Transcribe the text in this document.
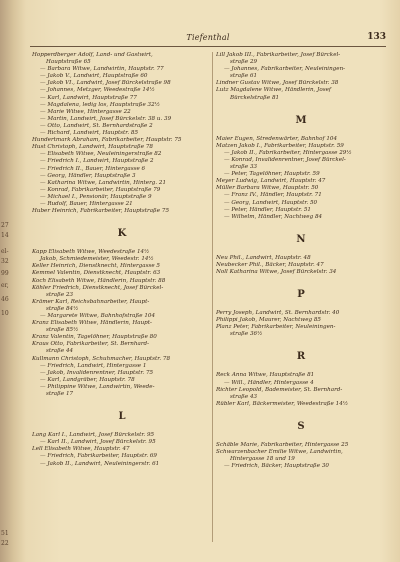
27
14
el-
32
99
er,
46
10
51
22
Tiefenthal	133
Hopperdberger Adolf, Land- und Gastwirt,
Hauptstraße 65
— Barbara Witwe, Landwirtin, Hauptstr. 77
— Jakob V., Landwirt, Hauptstraße 60
— Jakob VI., Landwirt, Josef Bürckelstraße 98
— Johannes, Metzger, Weedestraße 14½
— Karl, Landwirt, Hauptstraße 77
— Magdalena, ledig los, Hauptstraße 32½
— Marie Witwe, Hintergasse 22
— Martin, Landwirt, Josef Bürckelstr. 38 u. 39
— Otto, Landwirt, St. Bernhardstraße 2
— Richard, Landwirt, Hauptstr. 85
Hundertmark Abraham, Fabrikarbeiter, Hauptstr. 75
Hust Christoph, Landwirt, Hauptstraße 78
— Elisabeth Witwe, Neuleiningerstraße 82
— Friedrich I., Landwirt, Hauptstraße 2
— Friedrich II., Bauer, Hintergasse 6
— Georg, Händler, Hauptstraße 3
— Katharina Witwe, Landwirtin, Hinterg. 21
— Konrad, Fabrikarbeiter, Hauptstraße 79
— Michael I., Pensionär, Hauptstraße 9
— Rudolf, Bauer, Hintergasse 21
Huber Heinrich, Fabrikarbeiter, Hauptstraße 75
K
Kapp Elisabeth Witwe, Weedestraße 14½
Jakob, Schmiedemeister, Weedestr. 14½
Keller Heinrich, Dienstknecht, Hintergasse 5
Kemmel Valentin, Dienstknecht, Hauptstr. 63
Koch Elisabeth Witwe, Händlerin, Hauptstr. 88
Köhler Friedrich, Dienstknecht, Josef Bürckel-
straße 23
Krämer Karl, Reichsbahnarbeiter, Haupt-
straße 84½
— Margarete Witwe, Bahnhofstraße 104
Kranz Elisabeth Witwe, Händlerin, Haupt-
straße 85½
Kranz Valentin, Tagelöhner, Hauptstraße 80
Kraus Otto, Fabrikarbeiter, St. Bernhard-
straße 44
Kullmann Christoph, Schuhmacher, Hauptstr. 78
— Friedrich, Landwirt, Hintergasse 1
— Jakob, Invalidenrentner, Hauptstr. 75
— Karl, Landgräber, Hauptstr. 78
— Philippine Witwe, Landwirtin, Weede-
straße 17
L
Lang Karl I., Landwirt, Josef Bürckelstr. 95
— Karl II., Landwirt, Josef Bürckelstr. 95
Lell Elisabeth Witwe, Hauptstr. 47
— Friedrich, Fabrikarbeiter, Hauptstr. 69
— Jakob II., Landwirt, Neuleiningerstr. 61
Lill Jakob III., Fabrikarbeiter, Josef Bürckel-
straße 29
— Johannes, Fabrikarbeiter, Neuleiningen-
straße 61
Lindner Gustav Witwe, Josef Bürckelstr. 38
Lutz Magdalene Witwe, Händlerin, Josef
Bürckelstraße 81
M
Maier Eugen, Stredenwärter, Bahnhof 104
Matzen Jakob I., Fabrikarbeiter, Hauptstr. 59
— Jakob II., Fabrikarbeiter, Hintergasse 29½
— Konrad, Invalidenrentner, Josef Bürckel-
straße 33
— Peter, Tagelöhner, Hauptstr. 59
Meyer Ludwig, Landwirt, Hauptstr. 47
Müller Barbara Witwe, Hauptstr. 50
— Franz IV., Händler, Hauptstr. 71
— Georg, Landwirt, Hauptstr. 50
— Peter, Händler, Hauptstr. 51
— Wilhelm, Händler, Nachtweg 84
N
Neu Phil., Landwirt, Hauptstr. 48
Neubecker Phil., Bäcker, Hauptstr. 47
Noll Katharina Witwe, Josef Bürckelstr. 34
P
Perry Joseph, Landwirt, St. Bernhardstr. 40
Philippi Jakob, Maurer, Nachtweg 85
Planz Peter, Fabrikarbeiter, Neuleiningen-
straße 36½
R
Reck Anna Witwe, Hauptstraße 81
— Will., Händler, Hintergasse 4
Richter Leopold, Bademeister, St. Bernhard-
straße 43
Rübler Karl, Bäckermeister, Weedestraße 14½
S
Schäble Marie, Fabrikarbeiter, Hintergasse 25
Schwarzenbacher Emilie Witwe, Landwirtin,
Hintergasse 18 und 19
— Friedrich, Bäcker, Hauptstraße 30
